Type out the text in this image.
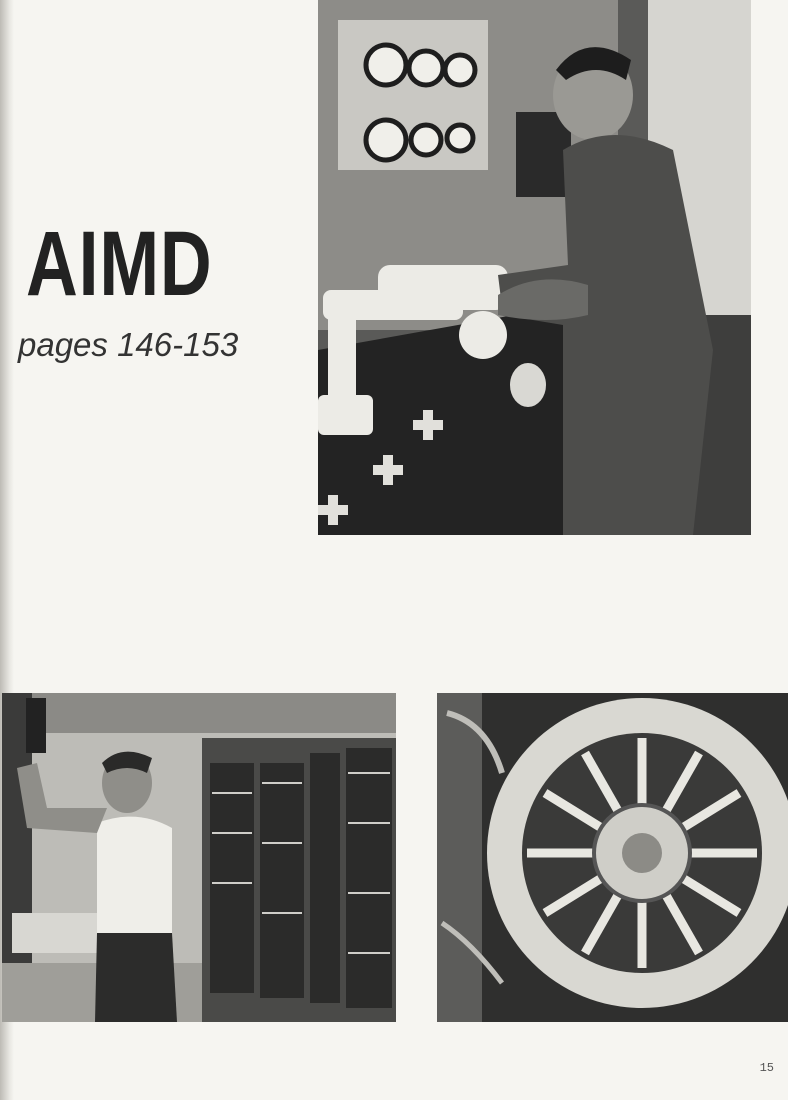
AIMD

pages 146-153

15
